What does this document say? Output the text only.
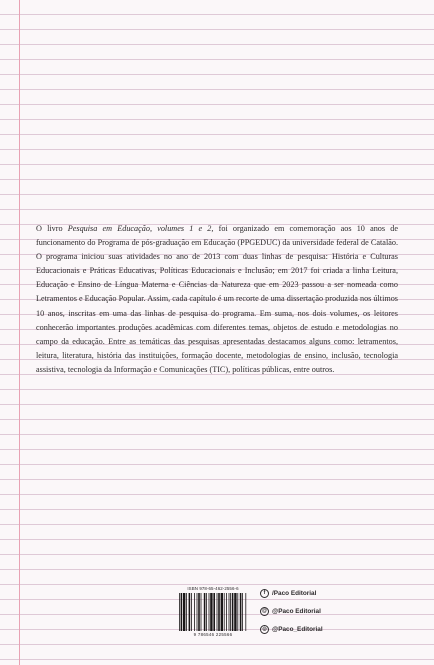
O livro Pesquisa em Educação, volumes 1 e 2, foi organizado em comemoração aos 10 anos de funcionamento do Programa de pós-graduação em Educação (PPGEDUC) da universidade federal de Catalão. O programa iniciou suas atividades no ano de 2013 com duas linhas de pesquisa: História e Culturas Educacionais e Práticas Educativas, Políticas Educacionais e Inclusão; em 2017 foi criada a linha Leitura, Educação e Ensino de Língua Materna e Ciências da Natureza que em 2023 passou a ser nomeada como Letramentos e Educação Popular. Assim, cada capítulo é um recorte de uma dissertação produzida nos últimos 10 anos, inscritas em uma das linhas de pesquisa do programa. Em suma, nos dois volumes, os leitores conhecerão importantes produções acadêmicas com diferentes temas, objetos de estudo e metodologias no campo da educação. Entre as temáticas das pesquisas apresentadas destacamos alguns como: letramentos, leitura, literatura, história das instituições, formação docente, metodologias de ensino, inclusão, tecnologia assistiva, tecnologia da Informação e Comunicações (TIC), políticas públicas, entre outros.
ISBN 978-65-462-2556-6
9 786546 225566
f	/Paco Editorial
@ @Paco Editorial
◎ @Paco_Editorial
